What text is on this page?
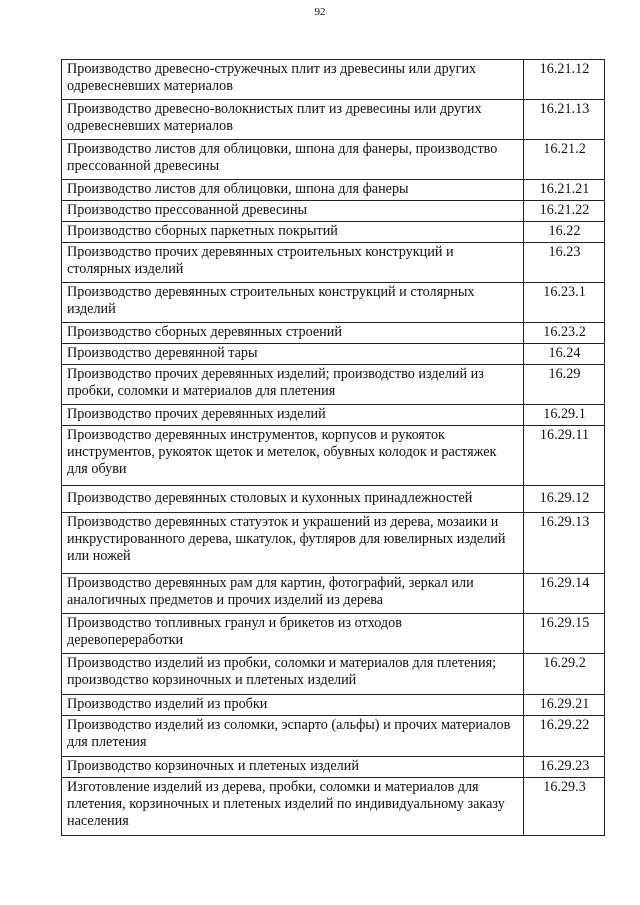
92
Производство древесно-стружечных плит из древесины или других одревесневших материалов	16.21.12
Производство древесно-волокнистых плит из древесины или других одревесневших материалов	16.21.13
Производство листов для облицовки, шпона для фанеры, производство прессованной древесины	16.21.2
Производство листов для облицовки, шпона для фанеры	16.21.21
Производство прессованной древесины	16.21.22
Производство сборных паркетных покрытий	16.22
Производство прочих деревянных строительных конструкций и столярных изделий	16.23
Производство деревянных строительных конструкций и столярных изделий	16.23.1
Производство сборных деревянных строений	16.23.2
Производство деревянной тары	16.24
Производство прочих деревянных изделий; производство изделий из пробки, соломки и материалов для плетения	16.29
Производство прочих деревянных изделий	16.29.1
Производство деревянных инструментов, корпусов и рукояток инструментов, рукояток щеток и метелок, обувных колодок и растяжек для обуви	16.29.11
Производство деревянных столовых и кухонных принадлежностей	16.29.12
Производство деревянных статуэток и украшений из дерева, мозаики и инкрустированного дерева, шкатулок, футляров для ювелирных изделий или ножей	16.29.13
Производство деревянных рам для картин, фотографий, зеркал или аналогичных предметов и прочих изделий из дерева	16.29.14
Производство топливных гранул и брикетов из отходов деревопереработки	16.29.15
Производство изделий из пробки, соломки и материалов для плетения; производство корзиночных и плетеных изделий	16.29.2
Производство изделий из пробки	16.29.21
Производство изделий из соломки, эспарто (альфы) и прочих материалов для плетения	16.29.22
Производство корзиночных и плетеных изделий	16.29.23
Изготовление изделий из дерева, пробки, соломки и материалов для плетения, корзиночных и плетеных изделий по индивидуальному заказу населения	16.29.3
